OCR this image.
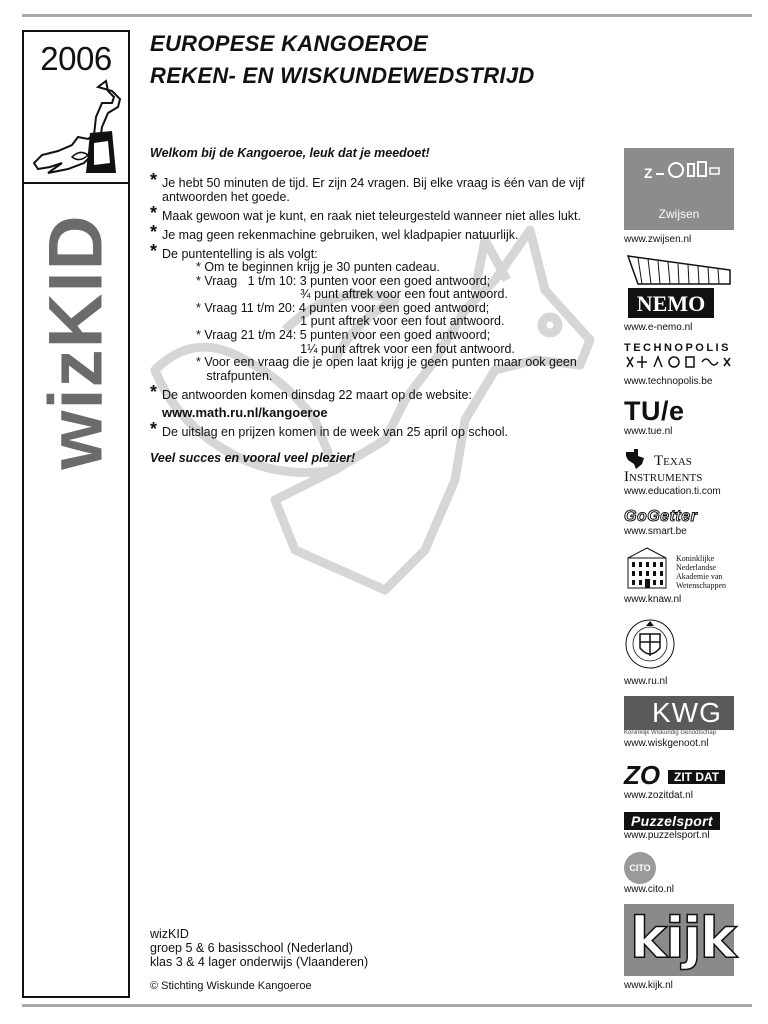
2006
wizKID
EUROPESE KANGOEROE
REKEN- EN WISKUNDEWEDSTRIJD
Welkom bij de Kangoeroe, leuk dat je meedoet!
* Je hebt 50 minuten de tijd. Er zijn 24 vragen. Bij elke vraag is één van de vijf antwoorden het goede.
* Maak gewoon wat je kunt, en raak niet teleurgesteld wanneer niet alles lukt.
* Je mag geen rekenmachine gebruiken, wel kladpapier natuurlijk.
* De puntentelling is als volgt:
* Om te beginnen krijg je 30 punten cadeau.
* Vraag   1 t/m 10: 3 punten voor een goed antwoord;
¾ punt aftrek voor een fout antwoord.
* Vraag 11 t/m 20: 4 punten voor een goed antwoord;
1 punt aftrek voor een fout antwoord.
* Vraag 21 t/m 24: 5 punten voor een goed antwoord;
1¼ punt aftrek voor een fout antwoord.
* Voor een vraag die je open laat krijg je geen punten maar ook geen
strafpunten.
* De antwoorden komen dinsdag 22 maart op de website:
www.math.ru.nl/kangoeroe
* De uitslag en prijzen komen in de week van 25 april op school.
Veel succes en vooral veel plezier!
wizKID
groep 5 & 6 basisschool (Nederland)
klas 3 & 4 lager onderwijs (Vlaanderen)
© Stichting Wiskunde Kangoeroe
Z
Zwijsen
www.zwijsen.nl
NEMO
www.e-nemo.nl
TECHNOPOLIS
www.technopolis.be
TU/e
www.tue.nl
Texas
Instruments
www.education.ti.com
GoGetter
www.smart.be
Koninklijke
Nederlandse
Akademie van
Wetenschappen
www.knaw.nl
www.ru.nl
KWG
Koninklijk Wiskundig Genootschap
www.wiskgenoot.nl
ZO	ZIT DAT
www.zozitdat.nl
Puzzelsport
www.puzzelsport.nl
CITO
www.cito.nl
kijk
www.kijk.nl
